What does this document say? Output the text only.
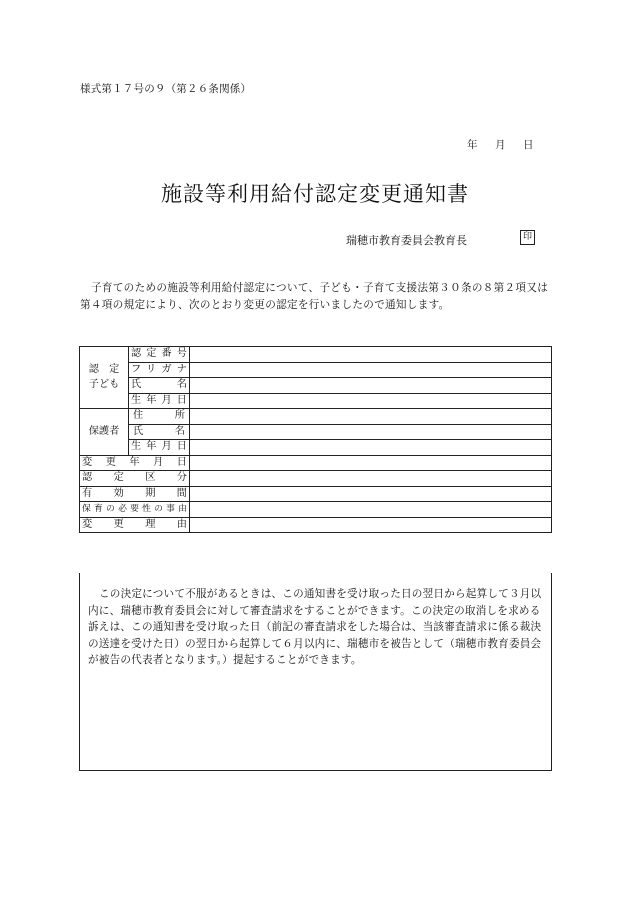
様式第１７号の９（第２６条関係）
年	月	日
施設等利用給付認定変更通知書
瑞穂市教育委員会教育長	印
子育てのための施設等利用給付認定について、子ども・子育て支援法第３０条の８第２項又は第４項の規定により、次のとおり変更の認定を行いましたので通知します。
認　定子ども	認定番号	
	フリガナ	
	氏　名	
	生年月日	
保護者	住　所	
	氏　名	
	生年月日	
変更年月日		
認定区分		
有効期間		
保育の必要性の事由		
変更理由		
この決定について不服があるときは、この通知書を受け取った日の翌日から起算して３月以内に、瑞穂市教育委員会に対して審査請求をすることができます。この決定の取消しを求める訴えは、この通知書を受け取った日（前記の審査請求をした場合は、当該審査請求に係る裁決の送達を受けた日）の翌日から起算して６月以内に、瑞穂市を被告として（瑞穂市教育委員会が被告の代表者となります。）提起することができます。
